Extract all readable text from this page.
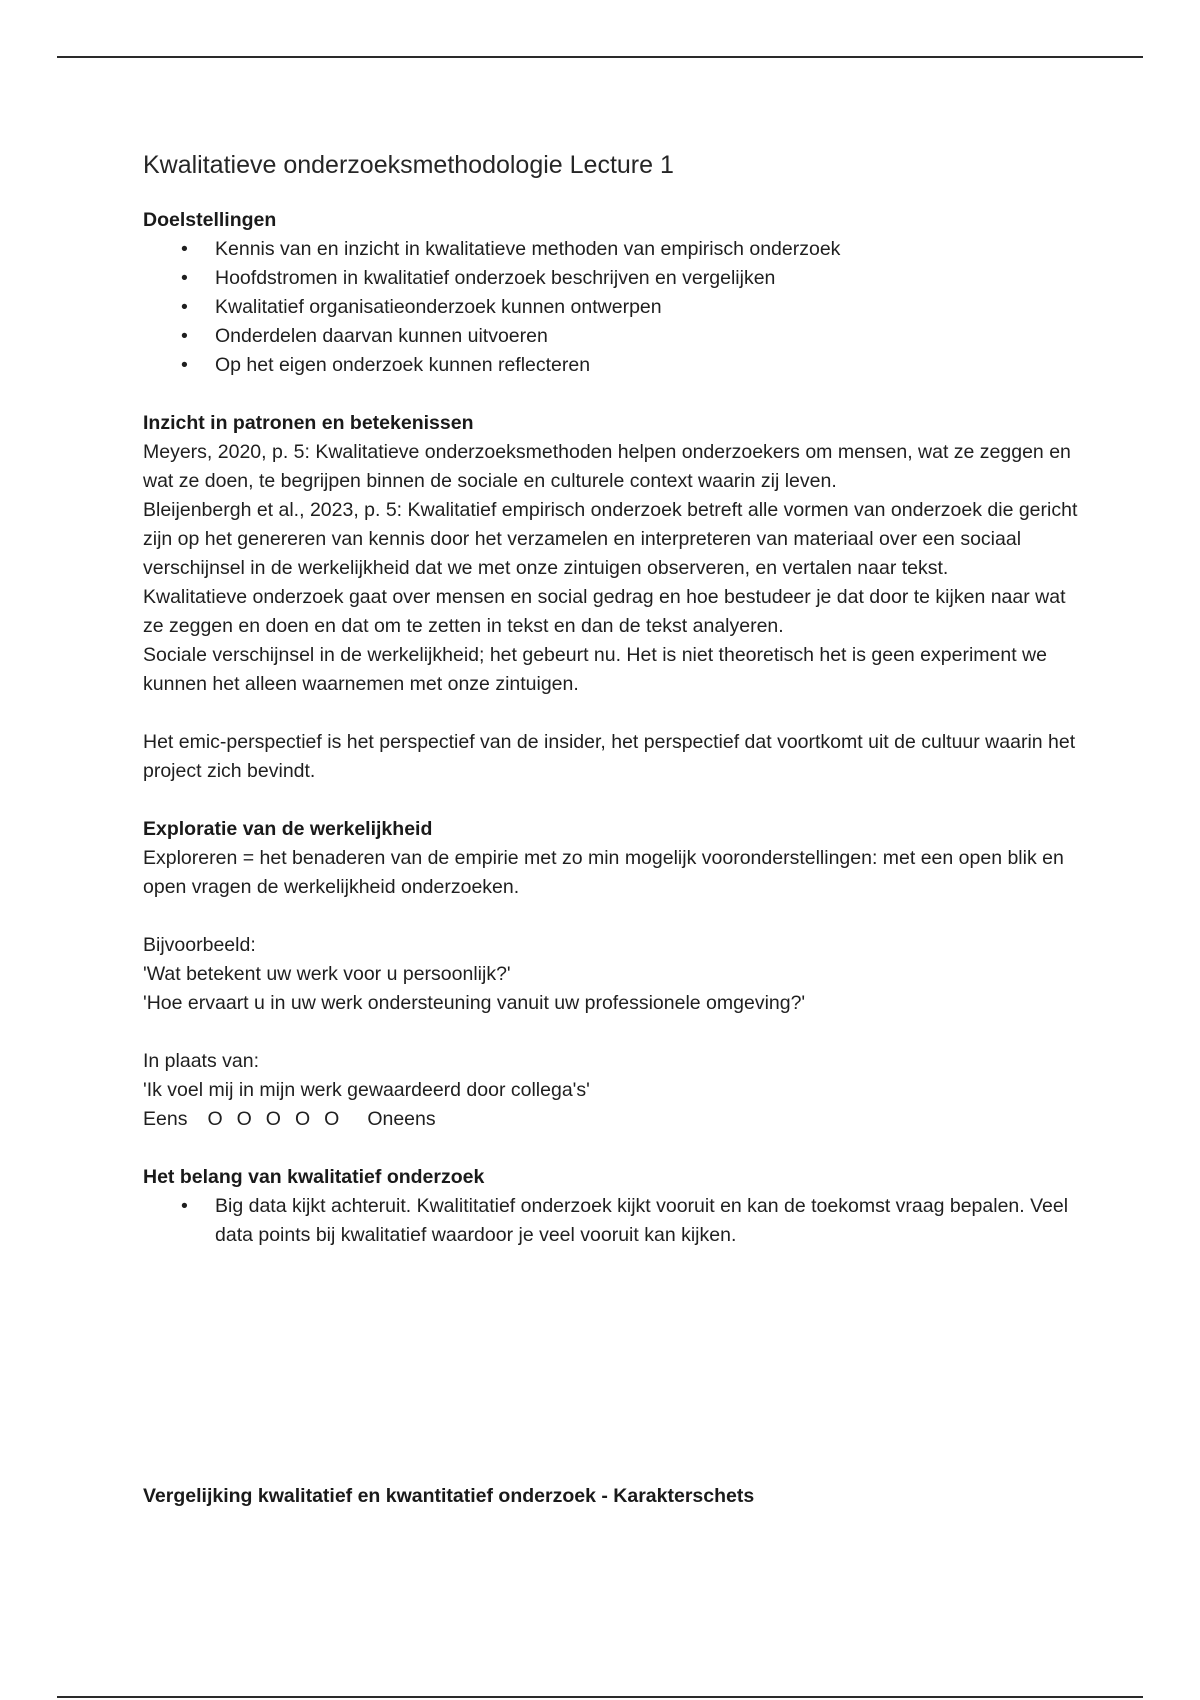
Kwalitatieve onderzoeksmethodologie Lecture 1

Doelstellingen

• Kennis van en inzicht in kwalitatieve methoden van empirisch onderzoek
• Hoofdstromen in kwalitatief onderzoek beschrijven en vergelijken
• Kwalitatief organisatieonderzoek kunnen ontwerpen
• Onderdelen daarvan kunnen uitvoeren
• Op het eigen onderzoek kunnen reflecteren

Inzicht in patronen en betekenissen

Meyers, 2020, p. 5: Kwalitatieve onderzoeksmethoden helpen onderzoekers om mensen, wat ze zeggen en wat ze doen, te begrijpen binnen de sociale en culturele context waarin zij leven.

Bleijenbergh et al., 2023, p. 5: Kwalitatief empirisch onderzoek betreft alle vormen van onderzoek die gericht zijn op het genereren van kennis door het verzamelen en interpreteren van materiaal over een sociaal verschijnsel in de werkelijkheid dat we met onze zintuigen observeren, en vertalen naar tekst.

Kwalitatieve onderzoek gaat over mensen en social gedrag en hoe bestudeer je dat door te kijken naar wat ze zeggen en doen en dat om te zetten in tekst en dan de tekst analyeren.

Sociale verschijnsel in de werkelijkheid; het gebeurt nu. Het is niet theoretisch het is geen experiment we kunnen het alleen waarnemen met onze zintuigen.

Het emic-perspectief is het perspectief van de insider, het perspectief dat voortkomt uit de cultuur waarin het project zich bevindt.

Exploratie van de werkelijkheid

Exploreren = het benaderen van de empirie met zo min mogelijk vooronderstellingen: met een open blik en open vragen de werkelijkheid onderzoeken.

Bijvoorbeeld:

'Wat betekent uw werk voor u persoonlijk?'

'Hoe ervaart u in uw werk ondersteuning vanuit uw professionele omgeving?'

In plaats van:

'Ik voel mij in mijn werk gewaardeerd door collega's'

Eens O O O O O Oneens

Het belang van kwalitatief onderzoek

• Big data kijkt achteruit. Kwalititatief onderzoek kijkt vooruit en kan de toekomst vraag bepalen. Veel data points bij kwalitatief waardoor je veel vooruit kan kijken.

Vergelijking kwalitatief en kwantitatief onderzoek - Karakterschets
